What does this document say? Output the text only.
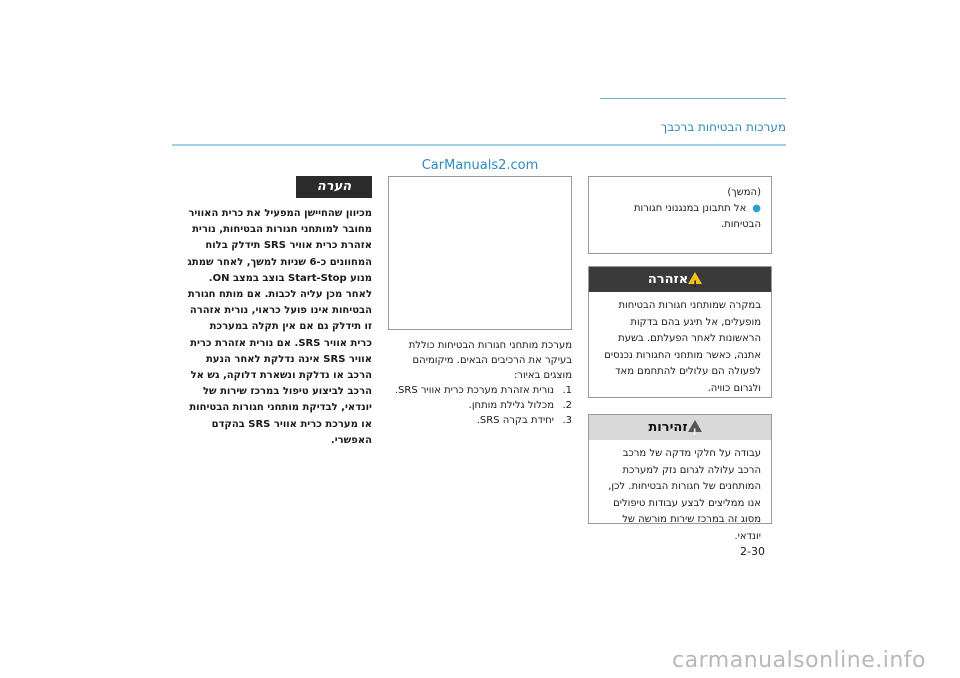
מערכות הבטיחות ברכבך
CarManuals2.com
(המשך)
●אל תתבונן במנגנוני חגורות הבטיחות.
אזהרה!
במקרה שמותחני חגורות הבטיחות מופעלים, אל תיגע בהם בדקות הראשונות לאחר הפעלתם. בשעת אתנה, כאשר מותחני החגורות נכנסים לפעולה הם עלולים להתחמם מאד ולגרום כוויה.
זהירות!
עבודה על חלקי מדקה של מרכב הרכב עלולה לגרום נזק למערכת המותחנים של חגורות הבטיחות. לכן, אנו ממליצים לבצע עבודות טיפולים מסוג זה במרכז שירות מורשה של יונדאי.
2-30
מערכת מותחני חגורות הבטיחות כוללת בעיקר את הרכיבים הבאים. מיקומיהם מוצגים באיור:
1.
נורית אזהרת מערכת כרית אוויר SRS.
2.
מכלול גלילת מותחן.
3.
יחידת בקרה SRS.
הערה
מכיוון שהחיישן המפעיל את כרית האוויר מחובר למותחני חגורות הבטיחות, נורית אזהרת כרית אוויר SRS תידלק בלוח המחוונים כ-6 שניות למשך, לאחר שמתג מנוע Start-Stop בוצב במצב ON. לאחר מכן עליה לכבות. אם מותח חגורת הבטיחות אינו פועל כראוי, נורית אזהרה זו תידלק גם אם אין תקלה במערכת כרית אוויר SRS. אם נורית אזהרת כרית אוויר SRS אינה נדלקת לאחר הנעת הרכב או נדלקת ונשארת דלוקה, גש אל הרכב לביצוע טיפול במרכז שירות של יונדאי, לבדיקת מותחני חגורות הבטיחות או מערכת כרית אוויר SRS בהקדם האפשרי.
carmanualsonline.info
